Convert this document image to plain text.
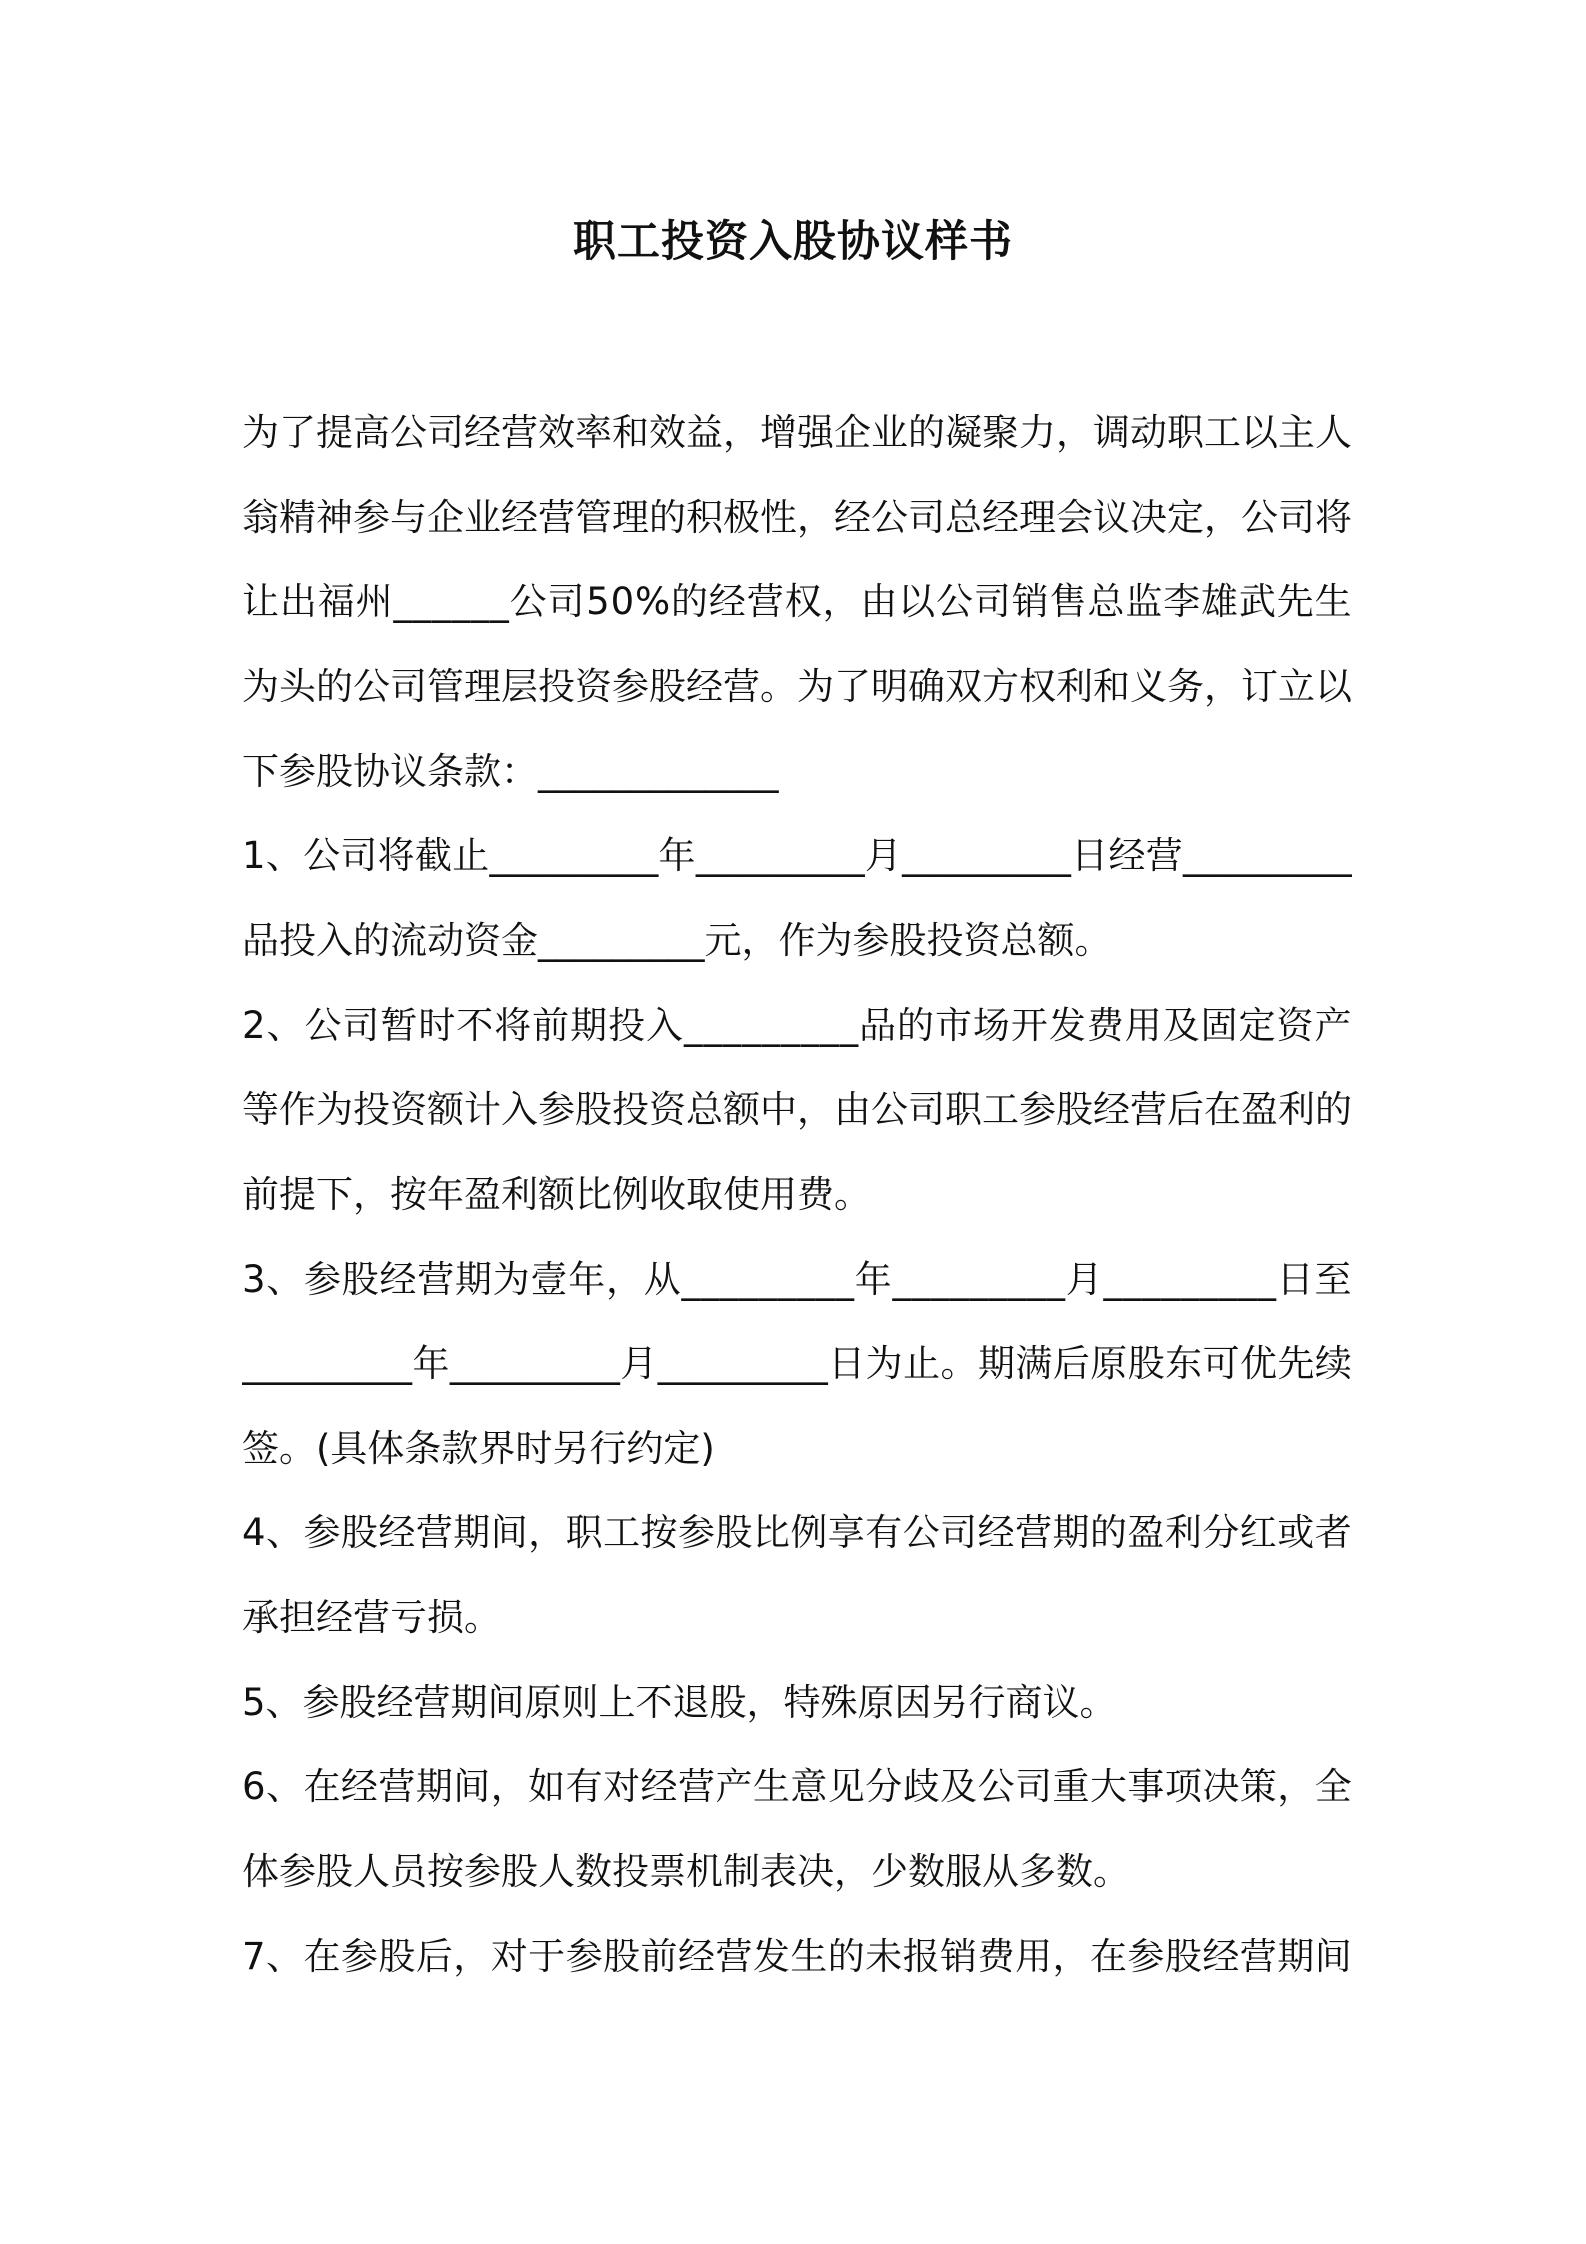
职工投资入股协议样书
为 了 提 高 公 司 经 营 效 率 和 效 益 ， 增 强 企 业 的 凝 聚 力 ， 调 动 职 工 以 主 人
翁 精 神 参 与 企 业 经 营 管 理 的 积 极 性 ， 经 公 司 总 经 理 会 议 决 定 ， 公 司 将
让 出 福 州 _ _ _ _ _ _ 公 司 5 0 % 的 经 营 权 ， 由 以 公 司 销 售 总 监 李 雄 武 先 生
为 头 的 公 司 管 理 层 投 资 参 股 经 营 。 为 了 明 确 双 方 权 利 和 义 务 ， 订 立 以
下参股协议条款：_____________
1 、 公 司 将 截 止 _ _ _ _ _ _ _ _ _ 年 _ _ _ _ _ _ _ _ _ 月 _ _ _ _ _ _ _ _ _ 日 经 营 _ _ _ _ _ _ _ _ _
品投入的流动资金_________元，作为参股投资总额。
2 、 公 司 暂 时 不 将 前 期 投 入 _ _ _ _ _ _ _ _ _ 品 的 市 场 开 发 费 用 及 固 定 资 产
等 作 为 投 资 额 计 入 参 股 投 资 总 额 中 ， 由 公 司 职 工 参 股 经 营 后 在 盈 利 的
前提下，按年盈利额比例收取使用费。
3 、 参 股 经 营 期 为 壹 年 ， 从 _ _ _ _ _ _ _ _ _ 年 _ _ _ _ _ _ _ _ _ 月 _ _ _ _ _ _ _ _ _ 日 至
_ _ _ _ _ _ _ _ _ 年 _ _ _ _ _ _ _ _ _ 月 _ _ _ _ _ _ _ _ _ 日 为 止 。 期 满 后 原 股 东 可 优 先 续
签。(具体条款界时另行约定)
4 、 参 股 经 营 期 间 ， 职 工 按 参 股 比 例 享 有 公 司 经 营 期 的 盈 利 分 红 或 者
承担经营亏损。
5、参股经营期间原则上不退股，特殊原因另行商议。
6 、 在 经 营 期 间 ， 如 有 对 经 营 产 生 意 见 分 歧 及 公 司 重 大 事 项 决 策 ， 全
体参股人员按参股人数投票机制表决，少数服从多数。
7 、 在 参 股 后 ， 对 于 参 股 前 经 营 发 生 的 未 报 销 费 用 ， 在 参 股 经 营 期 间
